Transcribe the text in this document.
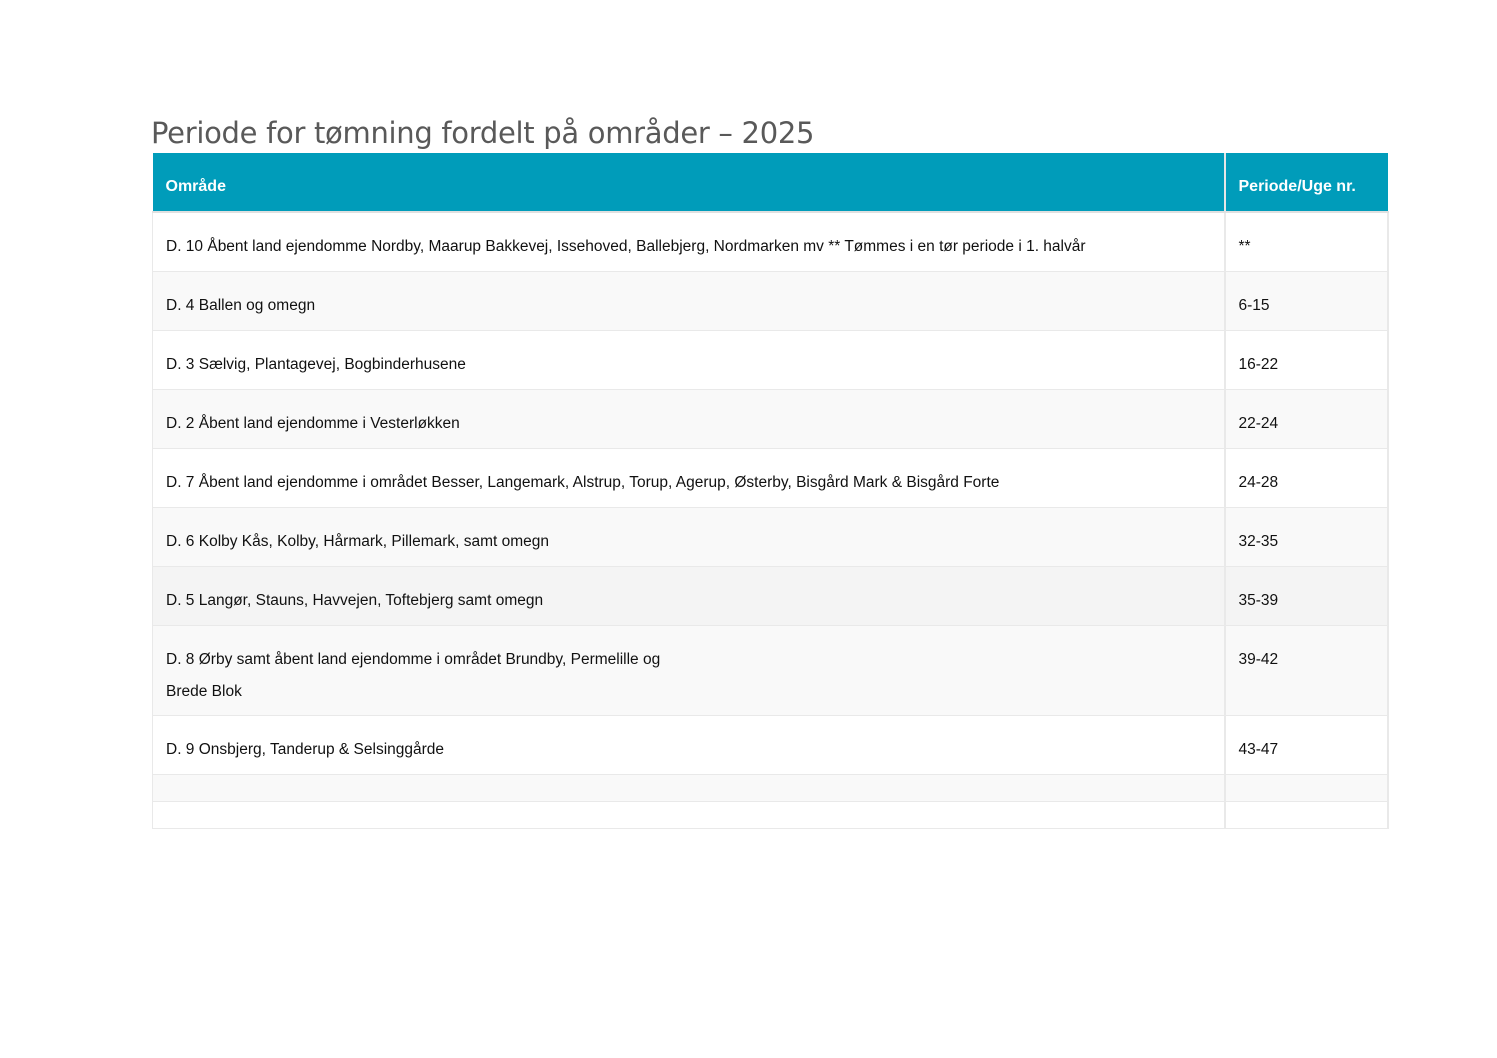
Periode for tømning fordelt på områder – 2025
Område	Periode/Uge nr.
D. 10 Åbent land ejendomme Nordby, Maarup Bakkevej, Issehoved, Ballebjerg, Nordmarken mv ** Tømmes i en tør periode i 1. halvår	**
D. 4 Ballen og omegn	6-15
D. 3 Sælvig, Plantagevej, Bogbinderhusene	16-22
D. 2 Åbent land ejendomme i Vesterløkken	22-24
D. 7 Åbent land ejendomme i området Besser, Langemark, Alstrup, Torup, Agerup, Østerby, Bisgård Mark & Bisgård Forte	24-28
D. 6 Kolby Kås, Kolby, Hårmark, Pillemark, samt omegn	32-35
D. 5 Langør, Stauns, Havvejen, Toftebjerg samt omegn	35-39
D. 8 Ørby samt åbent land ejendomme i området Brundby, Permelille og
Brede Blok	39-42
D. 9 Onsbjerg, Tanderup & Selsinggårde	43-47
